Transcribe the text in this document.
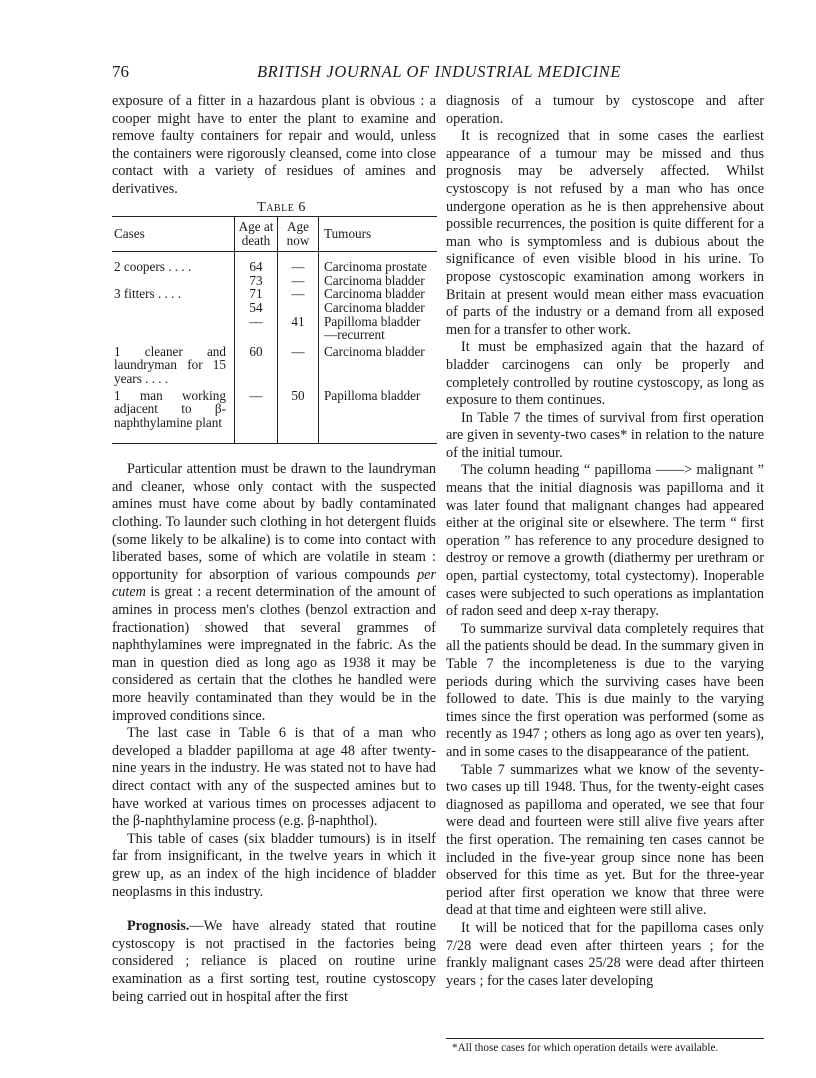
76	BRITISH JOURNAL OF INDUSTRIAL MEDICINE

exposure of a fitter in a hazardous plant is obvious : a cooper might have to enter the plant to examine and remove faulty containers for repair and would, unless the containers were rigorously cleansed, come into close contact with a variety of residues of amines and derivatives.

Table 6

Cases	Age at death	Age now	Tumours
2 coopers . . . .	64	—	Carcinoma prostate
	73	—	Carcinoma bladder
3 fitters . . . .	71	—	Carcinoma bladder
	54		Carcinoma bladder
	—	41	Papilloma bladder
			—recurrent

1 cleaner and laundryman for 15 years . . . .	60	—	Carcinoma bladder

1 man working adjacent to β-naphthylamine plant	—	50	Papilloma bladder

Particular attention must be drawn to the laundryman and cleaner, whose only contact with the suspected amines must have come about by badly contaminated clothing. To launder such clothing in hot detergent fluids (some likely to be alkaline) is to come into contact with liberated bases, some of which are volatile in steam : opportunity for absorption of various compounds per cutem is great : a recent determination of the amount of amines in process men's clothes (benzol extraction and fractionation) showed that several grammes of naphthylamines were impregnated in the fabric. As the man in question died as long ago as 1938 it may be considered as certain that the clothes he handled were more heavily contaminated than they would be in the improved conditions since.

The last case in Table 6 is that of a man who developed a bladder papilloma at age 48 after twenty-nine years in the industry. He was stated not to have had direct contact with any of the suspected amines but to have worked at various times on processes adjacent to the β-naphthylamine process (e.g. β-naphthol).

This table of cases (six bladder tumours) is in itself far from insignificant, in the twelve years in which it grew up, as an index of the high incidence of bladder neoplasms in this industry.

Prognosis.—We have already stated that routine cystoscopy is not practised in the factories being considered ; reliance is placed on routine urine examination as a first sorting test, routine cystoscopy being carried out in hospital after the first

diagnosis of a tumour by cystoscope and after operation.

It is recognized that in some cases the earliest appearance of a tumour may be missed and thus prognosis may be adversely affected. Whilst cystoscopy is not refused by a man who has once undergone operation as he is then apprehensive about possible recurrences, the position is quite different for a man who is symptomless and is dubious about the significance of even visible blood in his urine. To propose cystoscopic examination among workers in Britain at present would mean either mass evacuation of parts of the industry or a demand from all exposed men for a transfer to other work.

It must be emphasized again that the hazard of bladder carcinogens can only be properly and completely controlled by routine cystoscopy, as long as exposure to them continues.

In Table 7 the times of survival from first operation are given in seventy-two cases* in relation to the nature of the initial tumour.

The column heading “ papilloma ——> malignant ” means that the initial diagnosis was papilloma and it was later found that malignant changes had appeared either at the original site or elsewhere. The term “ first operation ” has reference to any procedure designed to destroy or remove a growth (diathermy per urethram or open, partial cystectomy, total cystectomy). Inoperable cases were subjected to such operations as implantation of radon seed and deep x-ray therapy.

To summarize survival data completely requires that all the patients should be dead. In the summary given in Table 7 the incompleteness is due to the varying periods during which the surviving cases have been followed to date. This is due mainly to the varying times since the first operation was performed (some as recently as 1947 ; others as long ago as over ten years), and in some cases to the disappearance of the patient.

Table 7 summarizes what we know of the seventy-two cases up till 1948. Thus, for the twenty-eight cases diagnosed as papilloma and operated, we see that four were dead and fourteen were still alive five years after the first operation. The remaining ten cases cannot be included in the five-year group since none has been observed for this time as yet. But for the three-year period after first operation we know that three were dead at that time and eighteen were still alive.

It will be noticed that for the papilloma cases only 7/28 were dead even after thirteen years ; for the frankly malignant cases 25/28 were dead after thirteen years ; for the cases later developing

*All those cases for which operation details were available.
